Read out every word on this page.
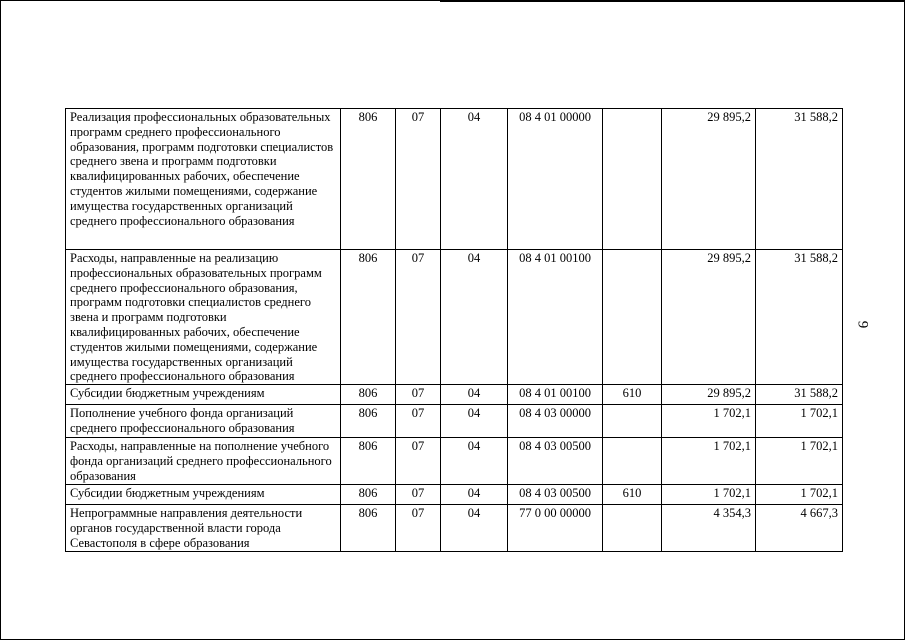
Реализация профессиональных образовательных программ среднего профессионального образования, программ подготовки специалистов среднего звена и программ подготовки квалифицированных рабочих, обеспечение студентов жилыми помещениями, содержание имущества государственных организаций среднего профессионального образования	806	07	04	08 4 01 00000		29 895,2	31 588,2
Расходы, направленные на реализацию профессиональных образовательных программ среднего профессионального образования, программ подготовки специалистов среднего звена и программ подготовки квалифицированных рабочих, обеспечение студентов жилыми помещениями, содержание имущества государственных организаций среднего профессионального образования	806	07	04	08 4 01 00100		29 895,2	31 588,2
Субсидии бюджетным учреждениям	806	07	04	08 4 01 00100	610	29 895,2	31 588,2
Пополнение учебного фонда организаций среднего профессионального образования	806	07	04	08 4 03 00000		1 702,1	1 702,1
Расходы, направленные на пополнение учебного фонда организаций среднего профессионального образования	806	07	04	08 4 03 00500		1 702,1	1 702,1
Субсидии бюджетным учреждениям	806	07	04	08 4 03 00500	610	1 702,1	1 702,1
Непрограммные направления деятельности органов государственной власти города Севастополя в сфере образования	806	07	04	77 0 00 00000		4 354,3	4 667,3
9
